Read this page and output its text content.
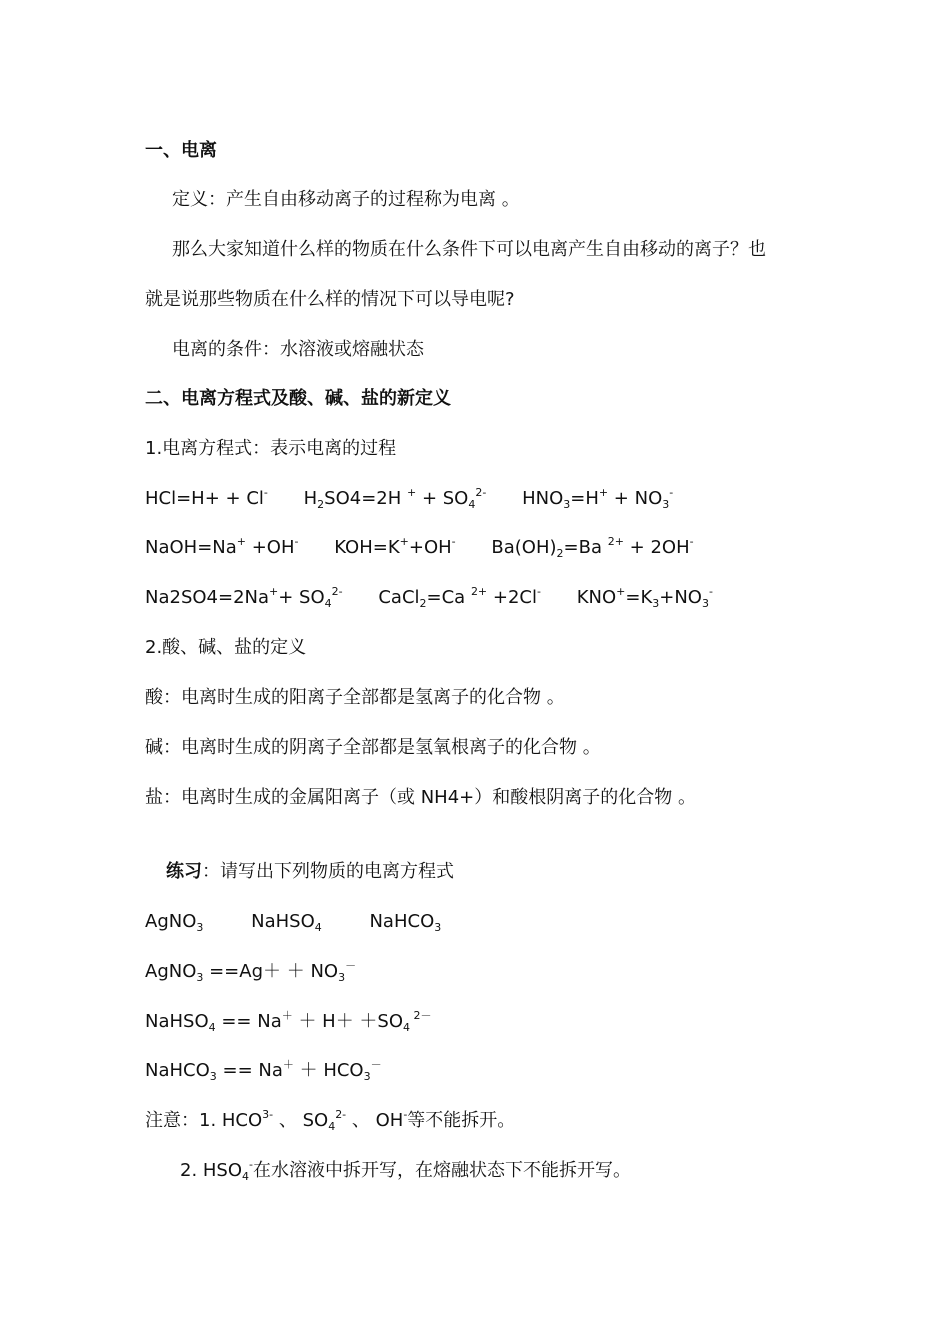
一、电离
定义：产生自由移动离子的过程称为电离 。
那么大家知道什么样的物质在什么条件下可以电离产生自由移动的离子？也
就是说那些物质在什么样的情况下可以导电呢?
电离的条件：水溶液或熔融状态
二、电离方程式及酸、碱、盐的新定义
1.电离方程式：表示电离的过程
HCl=H+ + Cl- $H_2SO4=2H$ $^+ + SO_4^{2-}$ $HNO_3=H^+ + NO_3^-$
NaOH=Na+ +OH- KOH=K++OH- $Ba(OH)_2=Ba$ $^{2+}$ + 2OH-
$Na2SO4=2Na^++ SO_4^{2-}$ CaCl$_2$=Ca $^{2+}$ +2Cl- $KNO^+=K_3+NO_3^-$
2.酸、碱、盐的定义
酸：电离时生成的阳离子全部都是氢离子的化合物 。
碱：电离时生成的阴离子全部都是氢氧根离子的化合物 。
盐：电离时生成的金属阳离子（或 NH4+）和酸根阴离子的化合物 。
练习：请写出下列物质的电离方程式
AgNO$_3$	NaHSO$_4$	NaHCO$_3$
AgNO$_3$ $==Ag+ + NO_3^-$
NaHSO$_4$ == $Na^+ + H+ +SO_4$ $^{2-}$
NaHCO$_3$ == $Na^+ + HCO_3^-$
注意：1. $HCO^{3-}$ 、 $SO_4^{2-}$ 、 OH-等不能拆开。
2. $HSO_4^-$在水溶液中拆开写，在熔融状态下不能拆开写。
